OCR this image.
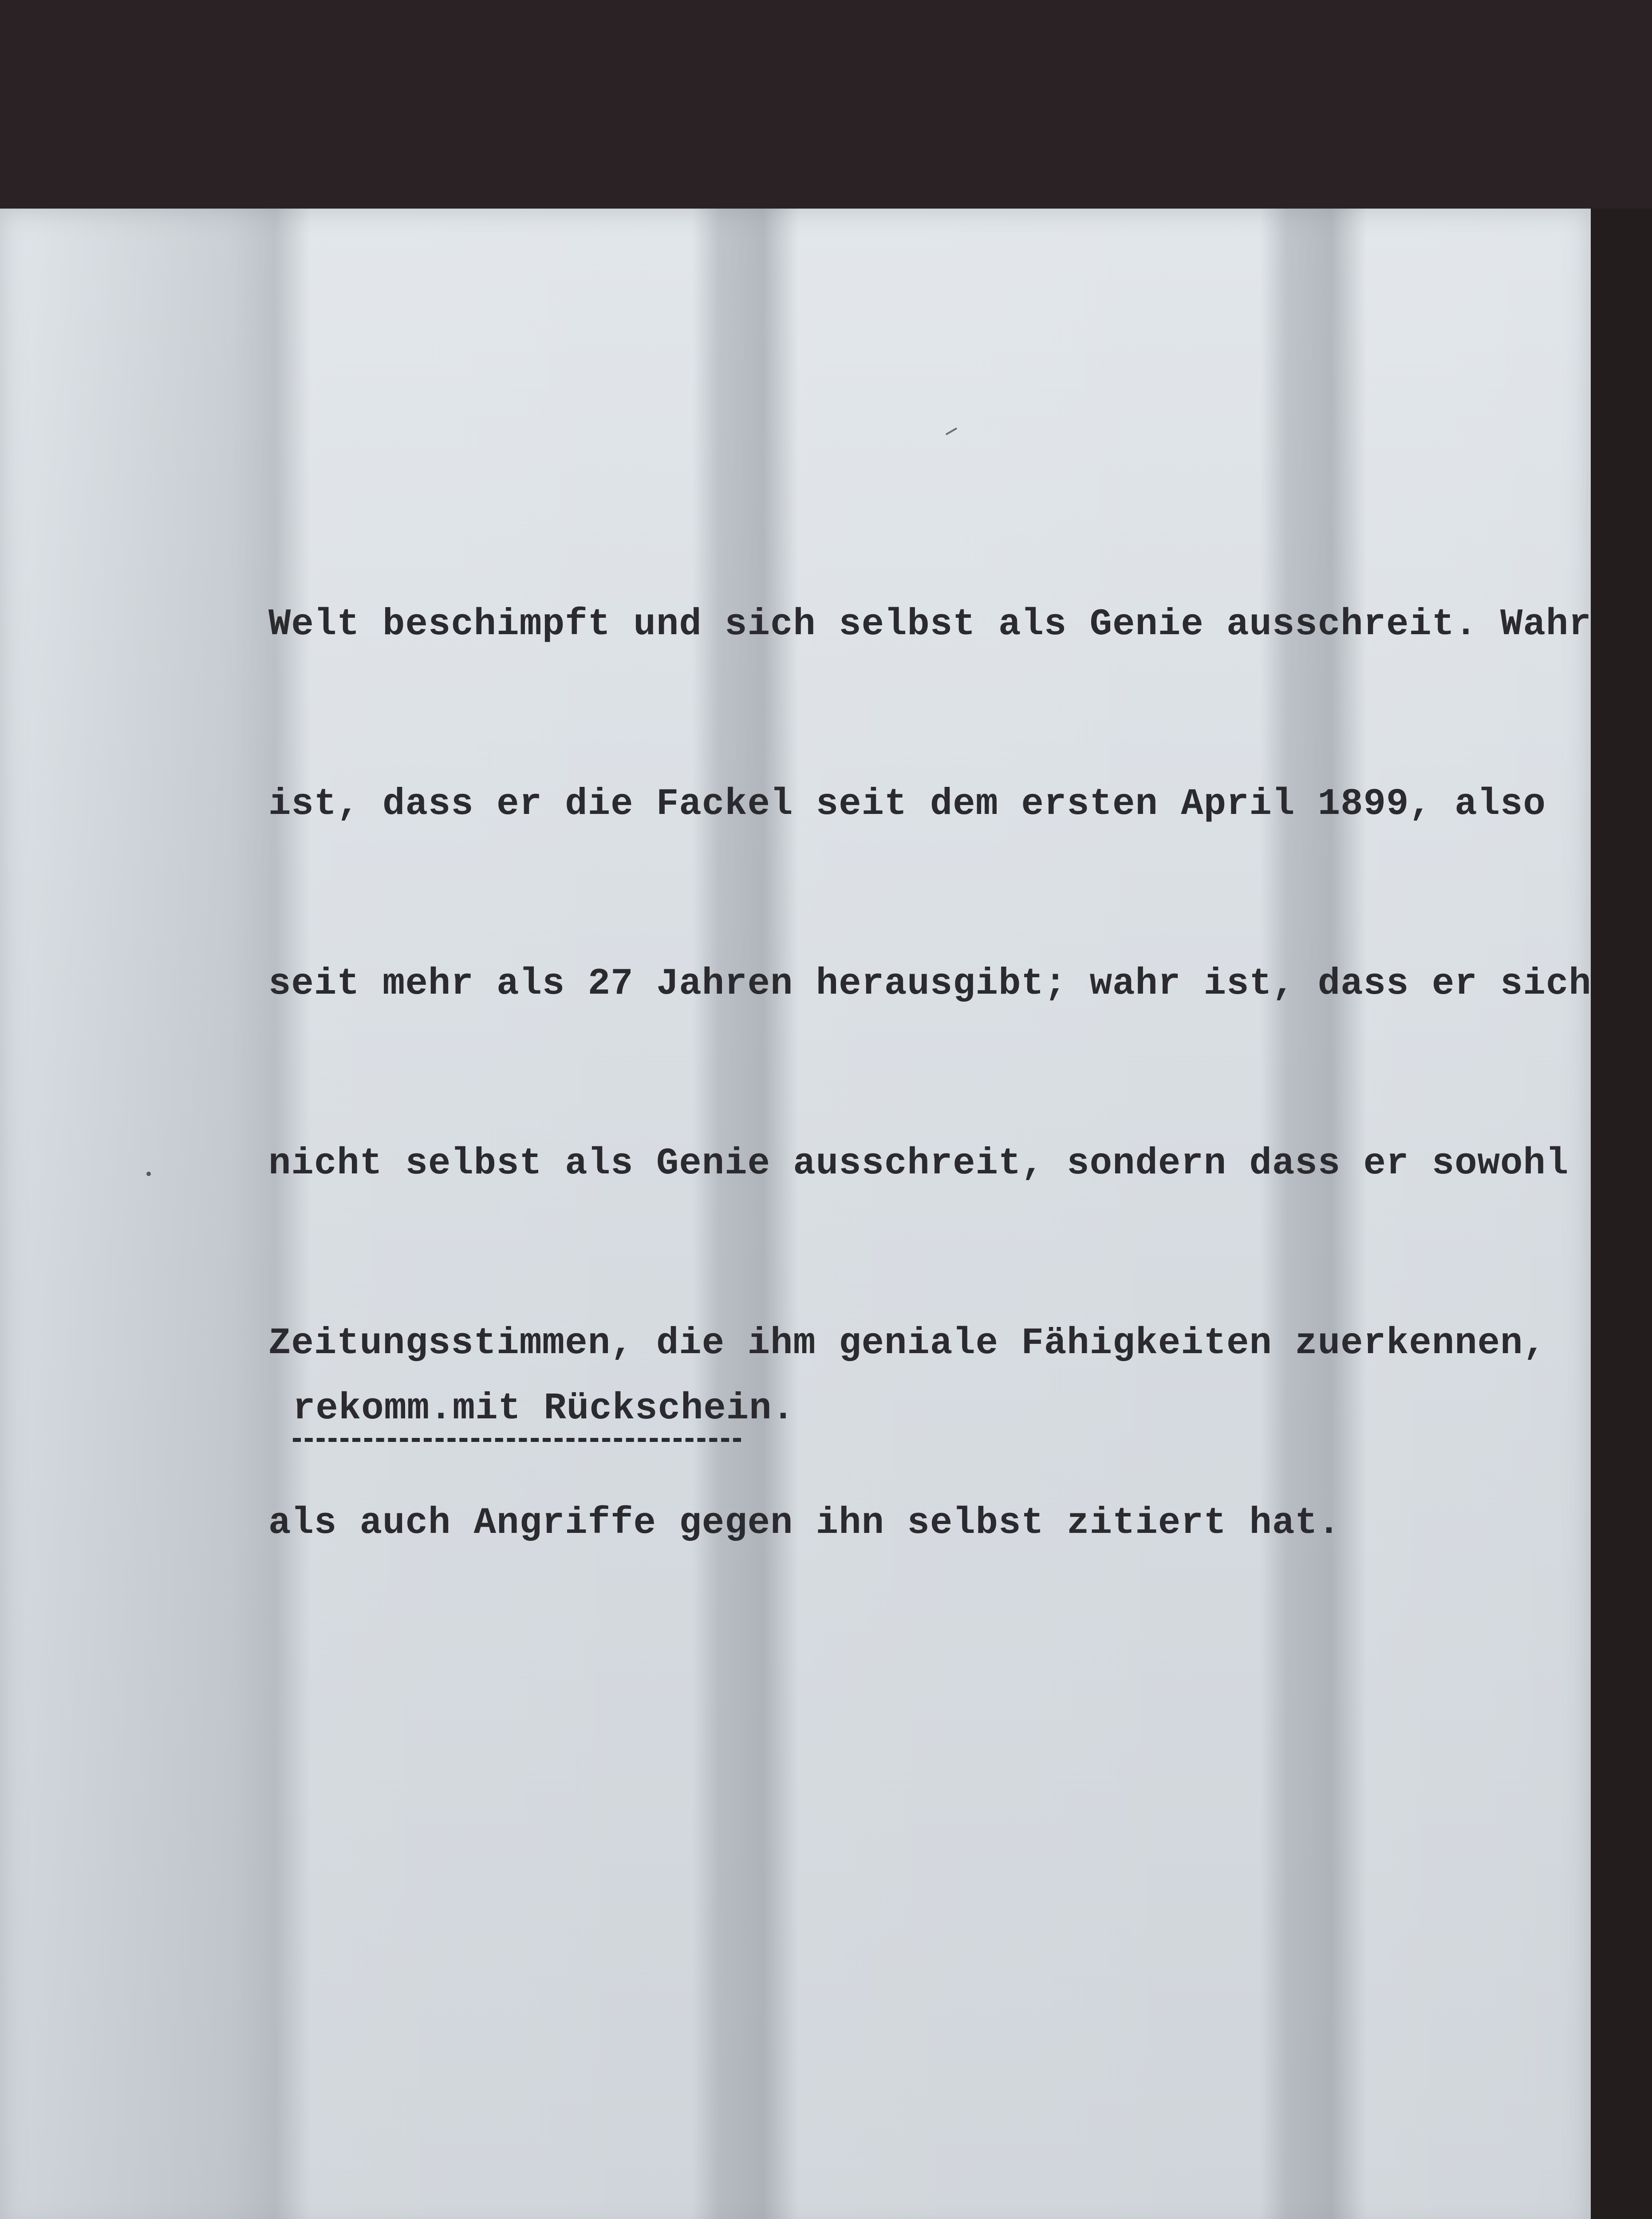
Welt beschimpft und sich selbst als Genie ausschreit. Wahr

ist, dass er die Fackel seit dem ersten April 1899, also

seit mehr als 27 Jahren herausgibt; wahr ist, dass er sich

nicht selbst als Genie ausschreit, sondern dass er sowohl

Zeitungsstimmen, die ihm geniale Fähigkeiten zuerkennen,

als auch Angriffe gegen ihn selbst zitiert hat.

rekomm.mit Rückschein.
